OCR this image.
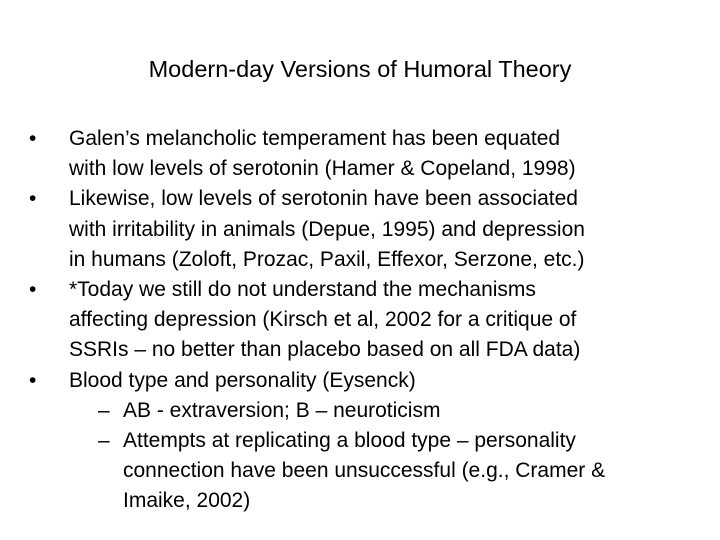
Modern-day Versions of Humoral Theory
•	Galen’s melancholic temperament has been equated
with low levels of serotonin (Hamer & Copeland, 1998)
•	Likewise, low levels of serotonin have been associated
with irritability in animals (Depue, 1995) and depression
in humans (Zoloft, Prozac, Paxil, Effexor, Serzone, etc.)
•	*Today we still do not understand the mechanisms
affecting depression (Kirsch et al, 2002 for a critique of
SSRIs – no better than placebo based on all FDA data)
•	Blood type and personality (Eysenck)
– AB - extraversion; B – neuroticism
– Attempts at replicating a blood type – personality
connection have been unsuccessful (e.g., Cramer &
Imaike, 2002)
